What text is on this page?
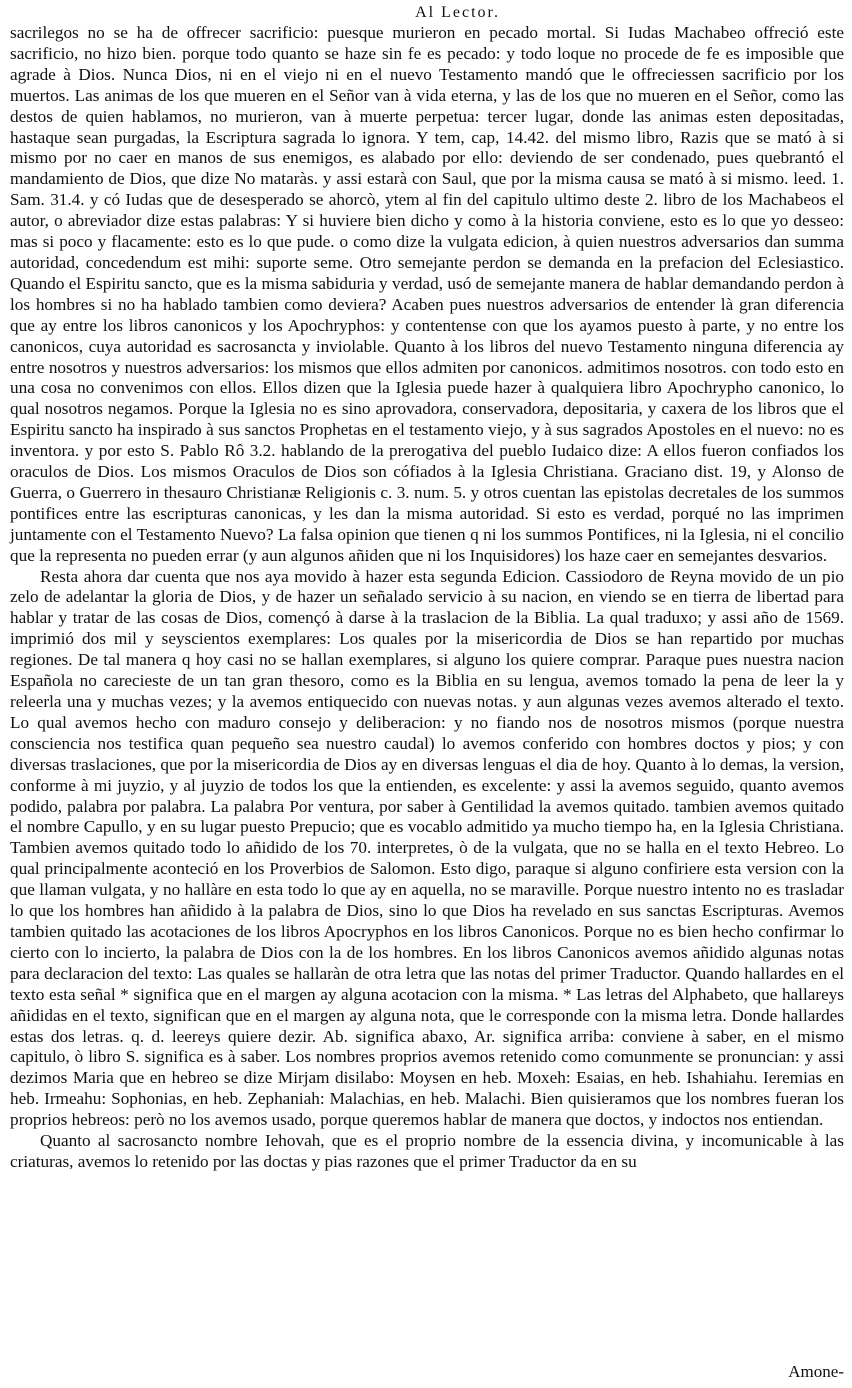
Al Lector.

sacrilegos no se ha de offrecer sacrificio: puesque murieron en pecado mortal. Si Iudas Machabeo offreció este sacrificio, no hizo bien. porque todo quanto se haze sin fe es pecado: y todo loque no procede de fe es imposible que agrade à Dios. Nunca Dios, ni en el viejo ni en el nuevo Testamento mandó que le offreciessen sacrificio por los muertos. Las animas de los que mueren en el Señor van à vida eterna, y las de los que no mueren en el Señor, como las destos de quien hablamos, no murieron, van à muerte perpetua: tercer lugar, donde las animas esten depositadas, hastaque sean purgadas, la Escriptura sagrada lo ignora. Y tem, cap, 14.42. del mismo libro, Razis que se mató à si mismo por no caer en manos de sus enemigos, es alabado por ello: deviendo de ser condenado, pues quebrantó el mandamiento de Dios, que dize No mataràs. y assi estarà con Saul, que por la misma causa se mató à si mismo. leed. 1. Sam. 31.4. y có Iudas que de desesperado se ahorcò, ytem al fin del capitulo ultimo deste 2. libro de los Machabeos el autor, o abreviador dize estas palabras: Y si huviere bien dicho y como à la historia conviene, esto es lo que yo desseo: mas si poco y flacamente: esto es lo que pude. o como dize la vulgata edicion, à quien nuestros adversarios dan summa autoridad, concedendum est mihi: suporte seme. Otro semejante perdon se demanda en la prefacion del Eclesiastico. Quando el Espiritu sancto, que es la misma sabiduria y verdad, usó de semejante manera de hablar demandando perdon à los hombres si no ha hablado tambien como deviera? Acaben pues nuestros adversarios de entender là gran diferencia que ay entre los libros canonicos y los Apochryphos: y contentense con que los ayamos puesto à parte, y no entre los canonicos, cuya autoridad es sacrosancta y inviolable. Quanto à los libros del nuevo Testamento ninguna diferencia ay entre nosotros y nuestros adversarios: los mismos que ellos admiten por canonicos. admitimos nosotros. con todo esto en una cosa no convenimos con ellos. Ellos dizen que la Iglesia puede hazer à qualquiera libro Apochrypho canonico, lo qual nosotros negamos. Porque la Iglesia no es sino aprovadora, conservadora, depositaria, y caxera de los libros que el Espiritu sancto ha inspirado à sus sanctos Prophetas en el testamento viejo, y à sus sagrados Apostoles en el nuevo: no es inventora. y por esto S. Pablo Rô 3.2. hablando de la prerogativa del pueblo Iudaico dize: A ellos fueron confiados los oraculos de Dios. Los mismos Oraculos de Dios son cófiados à la Iglesia Christiana. Graciano dist. 19, y Alonso de Guerra, o Guerrero in thesauro Christianæ Religionis c. 3. num. 5. y otros cuentan las epistolas decretales de los summos pontifices entre las escripturas canonicas, y les dan la misma autoridad. Si esto es verdad, porqué no las imprimen juntamente con el Testamento Nuevo? La falsa opinion que tienen q ni los summos Pontifices, ni la Iglesia, ni el concilio que la representa no pueden errar (y aun algunos añiden que ni los Inquisidores) los haze caer en semejantes desvarios.

Resta ahora dar cuenta que nos aya movido à hazer esta segunda Edicion. Cassiodoro de Reyna movido de un pio zelo de adelantar la gloria de Dios, y de hazer un señalado servicio à su nacion, en viendo se en tierra de libertad para hablar y tratar de las cosas de Dios, començó à darse à la traslacion de la Biblia. La qual traduxo; y assi año de 1569. imprimió dos mil y seyscientos exemplares: Los quales por la misericordia de Dios se han repartido por muchas regiones. De tal manera q hoy casi no se hallan exemplares, si alguno los quiere comprar. Paraque pues nuestra nacion Española no carecieste de un tan gran thesoro, como es la Biblia en su lengua, avemos tomado la pena de leer la y releerla una y muchas vezes; y la avemos entiquecido con nuevas notas. y aun algunas vezes avemos alterado el texto. Lo qual avemos hecho con maduro consejo y deliberacion: y no fiando nos de nosotros mismos (porque nuestra consciencia nos testifica quan pequeño sea nuestro caudal) lo avemos conferido con hombres doctos y pios; y con diversas traslaciones, que por la misericordia de Dios ay en diversas lenguas el dia de hoy. Quanto à lo demas, la version, conforme à mi juyzio, y al juyzio de todos los que la entienden, es excelente: y assi la avemos seguido, quanto avemos podido, palabra por palabra. La palabra Por ventura, por saber à Gentilidad la avemos quitado. tambien avemos quitado el nombre Capullo, y en su lugar puesto Prepucio; que es vocablo admitido ya mucho tiempo ha, en la Iglesia Christiana. Tambien avemos quitado todo lo añidido de los 70. interpretes, ò de la vulgata, que no se halla en el texto Hebreo. Lo qual principalmente aconteció en los Proverbios de Salomon. Esto digo, paraque si alguno confiriere esta version con la que llaman vulgata, y no hallàre en esta todo lo que ay en aquella, no se maraville. Porque nuestro intento no es trasladar lo que los hombres han añidido à la palabra de Dios, sino lo que Dios ha revelado en sus sanctas Escripturas. Avemos tambien quitado las acotaciones de los libros Apocryphos en los libros Canonicos. Porque no es bien hecho confirmar lo cierto con lo incierto, la palabra de Dios con la de los hombres. En los libros Canonicos avemos añidido algunas notas para declaracion del texto: Las quales se hallaràn de otra letra que las notas del primer Traductor. Quando hallardes en el texto esta señal * significa que en el margen ay alguna acotacion con la misma. * Las letras del Alphabeto, que hallareys añididas en el texto, significan que en el margen ay alguna nota, que le corresponde con la misma letra. Donde hallardes estas dos letras. q. d. leereys quiere dezir. Ab. significa abaxo, Ar. significa arriba: conviene à saber, en el mismo capitulo, ò libro S. significa es à saber. Los nombres proprios avemos retenido como comunmente se pronuncian: y assi dezimos Maria que en hebreo se dize Mirjam disilabo: Moysen en heb. Moxeh: Esaias, en heb. Ishahiahu. Ieremias en heb. Irmeahu: Sophonias, en heb. Zephaniah: Malachias, en heb. Malachi. Bien quisieramos que los nombres fueran los proprios hebreos: però no los avemos usado, porque queremos hablar de manera que doctos, y indoctos nos entiendan.

Quanto al sacrosancto nombre Iehovah, que es el proprio nombre de la essencia divina, y incomunicable à las criaturas, avemos lo retenido por las doctas y pias razones que el primer Traductor da en su

Amone-
